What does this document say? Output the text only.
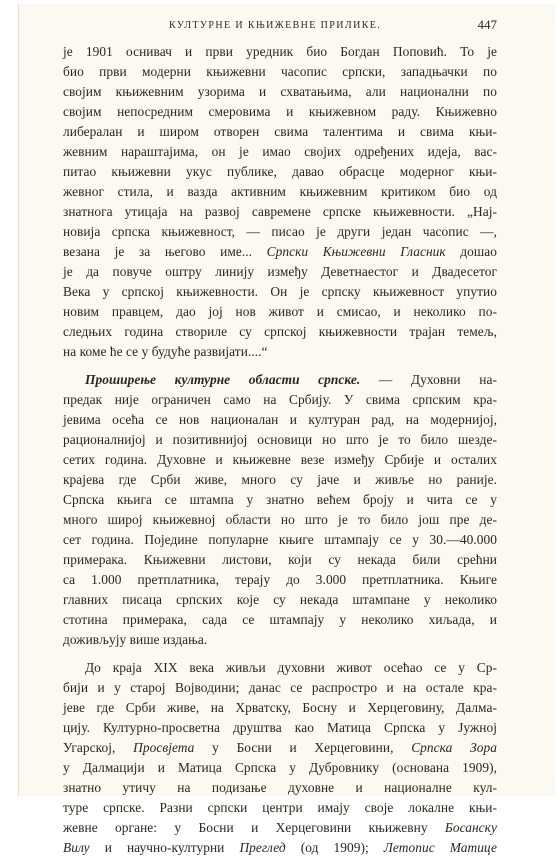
КУЛТУРНЕ И КЊИЖЕВНЕ ПРИЛИКЕ.	447
је 1901 оснивач и први уредник био Богдан Поповић. То је
био први модерни књижевни часопис српски, западњачки по
својим књижевним узорима и схватањима, али национални по
својим непосредним смеровима и књижевном раду. Књижевно
либералан и широм отворен свима талентима и свима књи-
жевним нараштајима, он је имао својих одређених идеја, вас-
питао књижевни укус публике, давао обрасце модерног књи-
жевног стила, и вазда активним књижевним критиком био од
знатнога утицаја на развој савремене српске књижевности. „Нај-
новија српска књижевност, — писао је други један часопис —,
везана је за његово име... Српски Књижевни Гласник дошао
је да повуче оштру линију између Деветнаестог и Двадесетог
Века у српској књижевности. Он је српску књижевност упутио
новим правцем, дао јој нов живот и смисао, и неколико по-
следњих година створиле су српској књижевности трајан темељ,
на коме ће се у будуће развијати....“
Проширење културне области српске. — Духовни на-
предак није ограничен само на Србију. У свима српским кра-
јевима осећа се нов националан и културан рад, на модернијој,
рационалнијој и позитивнијој основици но што је то било шезде-
сетих година. Духовне и књижевне везе између Србије и осталих
крајева где Срби живе, много су јаче и живље но раније.
Српска књига се штампа у знатно већем броју и чита се у
много широј књижевној области но што је то било још пре де-
сет година. Поједине популарне књиге штампају се у 30.—40.000
примерака. Књижевни листови, који су некада били срећни
са 1.000 претплатника, терају до 3.000 претплатника. Књиге
главних писаца српских које су некада штампане у неколико
стотина примерака, сада се штампају у неколико хиљада, и
доживљују више издања.
До краја XIX века живљи духовни живот осећао се у Ср-
бији и у старој Војводини; данас се распростро и на остале кра-
јеве где Срби живе, на Хрватску, Босну и Херцеговину, Далма-
цију. Културно-просветна друштва кao Матица Српска у Јужној
Угарској, Просвјета у Босни и Херцеговини, Српска Зора
у Далмацији и Матица Српска у Дубровнику (основана 1909),
знатно утичу на подизање духовне и националне кул-
туре српске. Разни српски центри имају своје локалне књи-
жевне органе: у Босни и Херцеговини књижевну Босанску
Вилу и научно-културни Преглед (од 1909); Летопис Матице
